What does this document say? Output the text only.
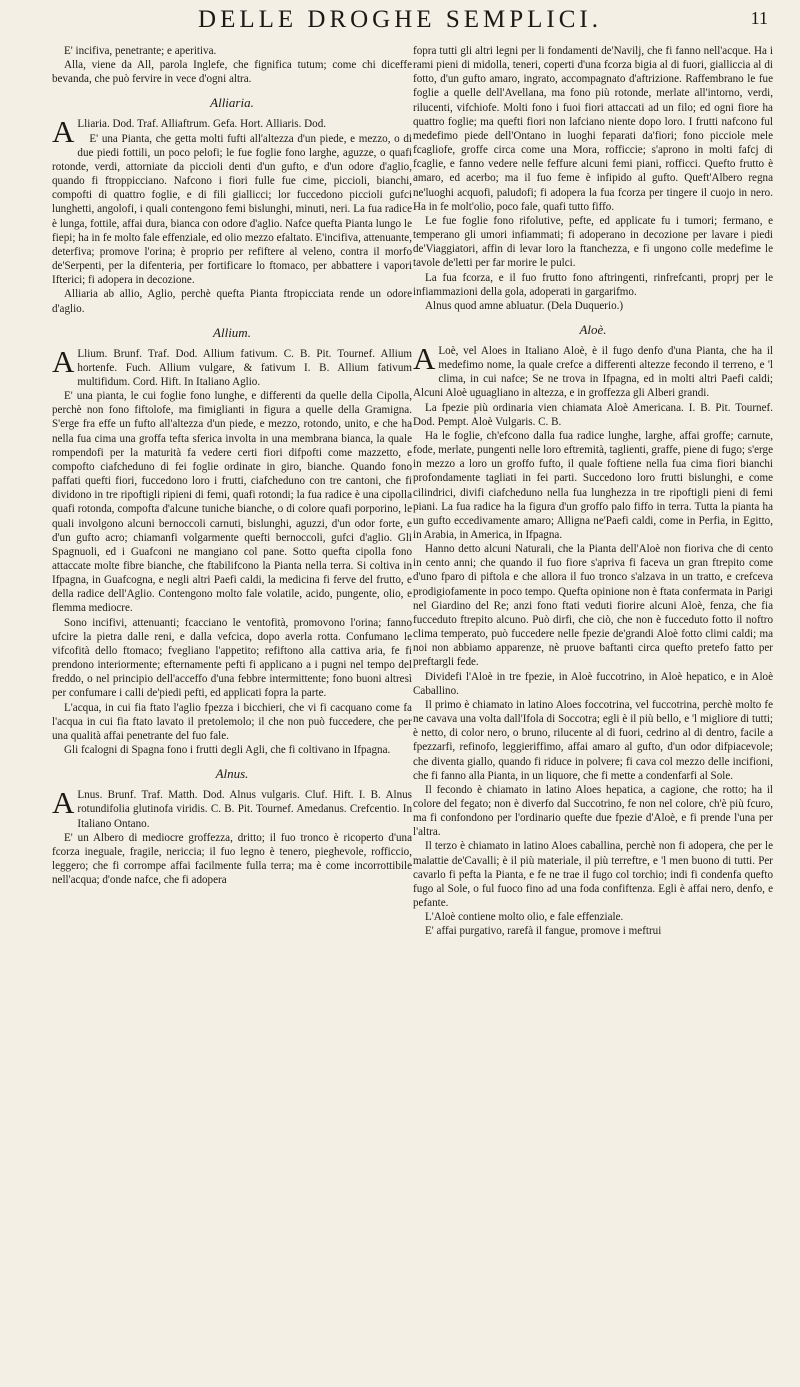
DELLE DROGHE SEMPLICI.	11

E' incifiva, penetrante; e aperitiva.

Alla, viene da All, parola Inglefe, che fignifica tutum; come chi diceffe bevanda, che può fervire in vece d'ogni altra.

Alliaria.

A Lliaria. Dod. Traf. Alliaftrum. Gefa. Hort. Alliaris. Dod.

E' una Pianta, che getta molti fufti all'altezza d'un piede, e mezzo, o di due piedi fottili, un poco pelofi; le fue foglie fono larghe, aguzze, o quafi rotonde, verdi, attorniate da piccioli denti d'un gufto, e d'un odore d'aglio, quando fi ftroppicciano. Nafcono i fiori fulle fue cime, piccioli, bianchi, compofti di quattro foglie, e di fili giallicci; lor fuccedono piccioli gufci lunghetti, angolofi, i quali contengono femi bislunghi, minuti, neri. La fua radice è lunga, fottile, affai dura, bianca con odore d'aglio. Nafce quefta Pianta lungo le fiepi; ha in fe molto fale effenziale, ed olio mezzo efaltato. E'incifiva, attenuante, deterfiva; promove l'orina; è proprio per refiftere al veleno, contra il morfo de'Serpenti, per la difenteria, per fortificare lo ftomaco, per abbattere i vapori Ifterici; fi adopera in decozione.

Alliaria ab allio, Aglio, perchè quefta Pianta ftropicciata rende un odore d'aglio.

Allium.

A Llium. Brunf. Traf. Dod. Allium fativum. C. B. Pit. Tournef. Allium hortenfe. Fuch. Allium vulgare, & fativum I. B. Allium fativum multifidum. Cord. Hift. In Italiano Aglio.

E' una pianta, le cui foglie fono lunghe, e differenti da quelle della Cipolla, perchè non fono fiftolofe, ma fimiglianti in figura a quelle della Gramigna. S'erge fra effe un fufto all'altezza d'un piede, e mezzo, rotondo, unito, e che ha nella fua cima una groffa tefta sferica involta in una membrana bianca, la quale rompendofi per la maturità fa vedere certi fiori difpofti come mazzetto, e compofto ciafcheduno di fei foglie ordinate in giro, bianche. Quando fono paffati quefti fiori, fuccedono loro i frutti, ciafcheduno con tre cantoni, che fi dividono in tre ripoftigli ripieni di femi, quafi rotondi; la fua radice è una cipolla quafi rotonda, compofta d'alcune tuniche bianche, o di colore quafi porporino, le quali involgono alcuni bernoccoli carnuti, bislunghi, aguzzi, d'un odor forte, e d'un gufto acro; chiamanfi volgarmente quefti bernoccoli, gufci d'aglio. Gli Spagnuoli, ed i Guafconi ne mangiano col pane. Sotto quefta cipolla fono attaccate molte fibre bianche, che ftabilifcono la Pianta nella terra. Si coltiva in Ifpagna, in Guafcogna, e negli altri Paefi caldi, la medicina fi ferve del frutto, e della radice dell'Aglio. Contengono molto fale volatile, acido, pungente, olio, e flemma mediocre.

Sono incifivi, attenuanti; fcacciano le ventofità, promovono l'orina; fanno ufcire la pietra dalle reni, e dalla vefcica, dopo averla rotta. Confumano le vifcofità dello ftomaco; fvegliano l'appetito; refiftono alla cattiva aria, fe fi prendono interiormente; efternamente pefti fi applicano a i pugni nel tempo del freddo, o nel principio dell'acceffo d'una febbre intermittente; fono buoni altresì per confumare i calli de'piedi pefti, ed applicati fopra la parte.

L'acqua, in cui fia ftato l'aglio fpezza i bicchieri, che vi fi cacquano come fa l'acqua in cui fia ftato lavato il pretolemolo; il che non può fuccedere, che per una qualità affai penetrante del fuo fale.

Gli fcalogni di Spagna fono i frutti degli Agli, che fi coltivano in Ifpagna.

Alnus.

A Lnus. Brunf. Traf. Matth. Dod. Alnus vulgaris. Cluf. Hift. I. B. Alnus rotundifolia glutinofa viridis. C. B. Pit. Tournef. Amedanus. Crefcentio. In Italiano Ontano.

E' un Albero di mediocre groffezza, dritto; il fuo tronco è ricoperto d'una fcorza ineguale, fragile, nericcia; il fuo legno è tenero, pieghevole, rofficcio, leggero; che fi corrompe affai facilmente fulla terra; ma è come incorrottibile nell'acqua; d'onde nafce, che fi adopera

fopra tutti gli altri legni per li fondamenti de'Navilj, che fi fanno nell'acque. Ha i rami pieni di midolla, teneri, coperti d'una fcorza bigia al di fuori, gialliccia al di fotto, d'un gufto amaro, ingrato, accompagnato d'aftrizione. Raffembrano le fue foglie a quelle dell'Avellana, ma fono più rotonde, merlate all'intorno, verdi, rilucenti, vifchiofe. Molti fono i fuoi fiori attaccati ad un filo; ed ogni fiore ha quattro foglie; ma quefti fiori non lafciano niente dopo loro. I frutti nafcono ful medefimo piede dell'Ontano in luoghi feparati da'fiori; fono picciole mele fcagliofe, groffe circa come una Mora, rofficcie; s'aprono in molti fafcj di fcaglie, e fanno vedere nelle feffure alcuni femi piani, rofficci. Quefto frutto è amaro, ed acerbo; ma il fuo feme è infipido al gufto. Queft'Albero regna ne'luoghi acquofi, paludofi; fi adopera la fua fcorza per tingere il cuojo in nero. Ha in fe molt'olio, poco fale, quafi tutto fiffo.

Le fue foglie fono rifolutive, pefte, ed applicate fu i tumori; fermano, e temperano gli umori infiammati; fi adoperano in decozione per lavare i piedi de'Viaggiatori, affin di levar loro la ftanchezza, e fi ungono colle medefime le tavole de'letti per far morire le pulci.

La fua fcorza, e il fuo frutto fono aftringenti, rinfrefcanti, proprj per le infiammazioni della gola, adoperati in gargarifmo.

Alnus quod amne abluatur. (Dela Duquerio.)

Aloè.

A Loè, vel Aloes in Italiano Aloè, è il fugo denfo d'una Pianta, che ha il medefimo nome, la quale crefce a differenti altezze fecondo il terreno, e 'l clima, in cui nafce; Se ne trova in Ifpagna, ed in molti altri Paefi caldi; Alcuni Aloè uguagliano in altezza, e in groffezza gli Alberi grandi.

La fpezie più ordinaria vien chiamata Aloè Americana. I. B. Pit. Tournef. Dod. Pempt. Aloè Vulgaris. C. B.

Ha le foglie, ch'efcono dalla fua radice lunghe, larghe, affai groffe; carnute, fode, merlate, pungenti nelle loro eftremità, taglienti, graffe, piene di fugo; s'erge in mezzo a loro un groffo fufto, il quale foftiene nella fua cima fiori bianchi profondamente tagliati in fei parti. Succedono loro frutti bislunghi, e come cilindrici, divifi ciafcheduno nella fua lunghezza in tre ripoftigli pieni di femi piani. La fua radice ha la figura d'un groffo palo fiffo in terra. Tutta la pianta ha un gufto eccedivamente amaro; Alligna ne'Paefi caldi, come in Perfia, in Egitto, in Arabia, in America, in Ifpagna.

Hanno detto alcuni Naturali, che la Pianta dell'Aloè non fioriva che di cento in cento anni; che quando il fuo fiore s'apriva fi faceva un gran ftrepito come d'uno fparo di piftola e che allora il fuo tronco s'alzava in un tratto, e crefceva prodigiofamente in poco tempo. Quefta opinione non è ftata confermata in Parigi nel Giardino del Re; anzi fono ftati veduti fiorire alcuni Aloè, fenza, che fia fucceduto ftrepito alcuno. Può dirfi, che ciò, che non è fucceduto fotto il noftro clima temperato, può fuccedere nelle fpezie de'grandi Aloè fotto climi caldi; ma noi non abbiamo apparenze, nè pruove baftanti circa quefto pretefo fatto per preftargli fede.

Dividefi l'Aloè in tre fpezie, in Aloè fuccotrino, in Aloè hepatico, e in Aloè Caballino.

Il primo è chiamato in latino Aloes foccotrina, vel fuccotrina, perchè molto fe ne cavava una volta dall'Ifola di Soccotra; egli è il più bello, e 'l migliore di tutti; è netto, di color nero, o bruno, rilucente al di fuori, cedrino al di dentro, facile a fpezzarfi, refinofo, leggieriffimo, affai amaro al gufto, d'un odor difpiacevole; che diventa giallo, quando fi riduce in polvere; fi cava col mezzo delle incifioni, che fi fanno alla Pianta, in un liquore, che fi mette a condenfarfi al Sole.

Il fecondo è chiamato in latino Aloes hepatica, a cagione, che rotto; ha il colore del fegato; non è diverfo dal Succotrino, fe non nel colore, ch'è più fcuro, ma fi confondono per l'ordinario quefte due fpezie d'Aloè, e fi prende l'una per l'altra.

Il terzo è chiamato in latino Aloes caballina, perchè non fi adopera, che per le malattie de'Cavalli; è il più materiale, il più terreftre, e 'l men buono di tutti. Per cavarlo fi pefta la Pianta, e fe ne trae il fugo col torchio; indi fi condenfa quefto fugo al Sole, o ful fuoco fino ad una foda confiftenza. Egli è affai nero, denfo, e pefante.

L'Aloè contiene molto olio, e fale effenziale.

E' affai purgativo, rarefà il fangue, promove i meftrui
